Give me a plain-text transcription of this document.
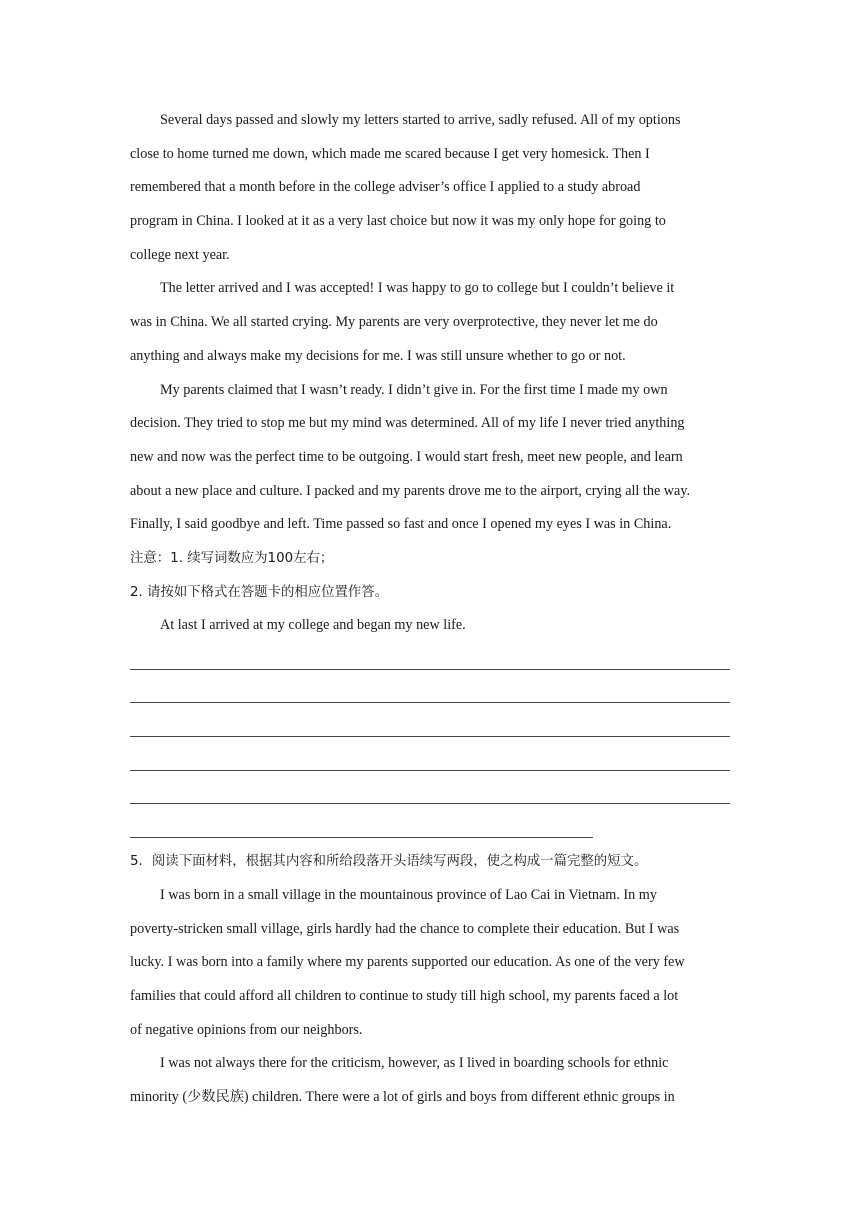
Several days passed and slowly my letters started to arrive, sadly refused. All of my options
close to home turned me down, which made me scared because I get very homesick. Then I
remembered that a month before in the college adviser’s office I applied to a study abroad
program in China. I looked at it as a very last choice but now it was my only hope for going to
college next year.
The letter arrived and I was accepted! I was happy to go to college but I couldn’t believe it
was in China. We all started crying. My parents are very overprotective, they never let me do
anything and always make my decisions for me. I was still unsure whether to go or not.
My parents claimed that I wasn’t ready. I didn’t give in. For the first time I made my own
decision. They tried to stop me but my mind was determined. All of my life I never tried anything
new and now was the perfect time to be outgoing. I would start fresh, meet new people, and learn
about a new place and culture. I packed and my parents drove me to the airport, crying all the way.
Finally, I said goodbye and left. Time passed so fast and once I opened my eyes I was in China.
注意：1. 续写词数应为100左右；
2. 请按如下格式在答题卡的相应位置作答。
At last I arrived at my college and began my new life.
5．阅读下面材料，根据其内容和所给段落开头语续写两段，使之构成一篇完整的短文。
I was born in a small village in the mountainous province of Lao Cai in Vietnam. In my
poverty-stricken small village, girls hardly had the chance to complete their education. But I was
lucky. I was born into a family where my parents supported our education. As one of the very few
families that could afford all children to continue to study till high school, my parents faced a lot
of negative opinions from our neighbors.
I was not always there for the criticism, however, as I lived in boarding schools for ethnic
minority (少数民族) children. There were a lot of girls and boys from different ethnic groups in
